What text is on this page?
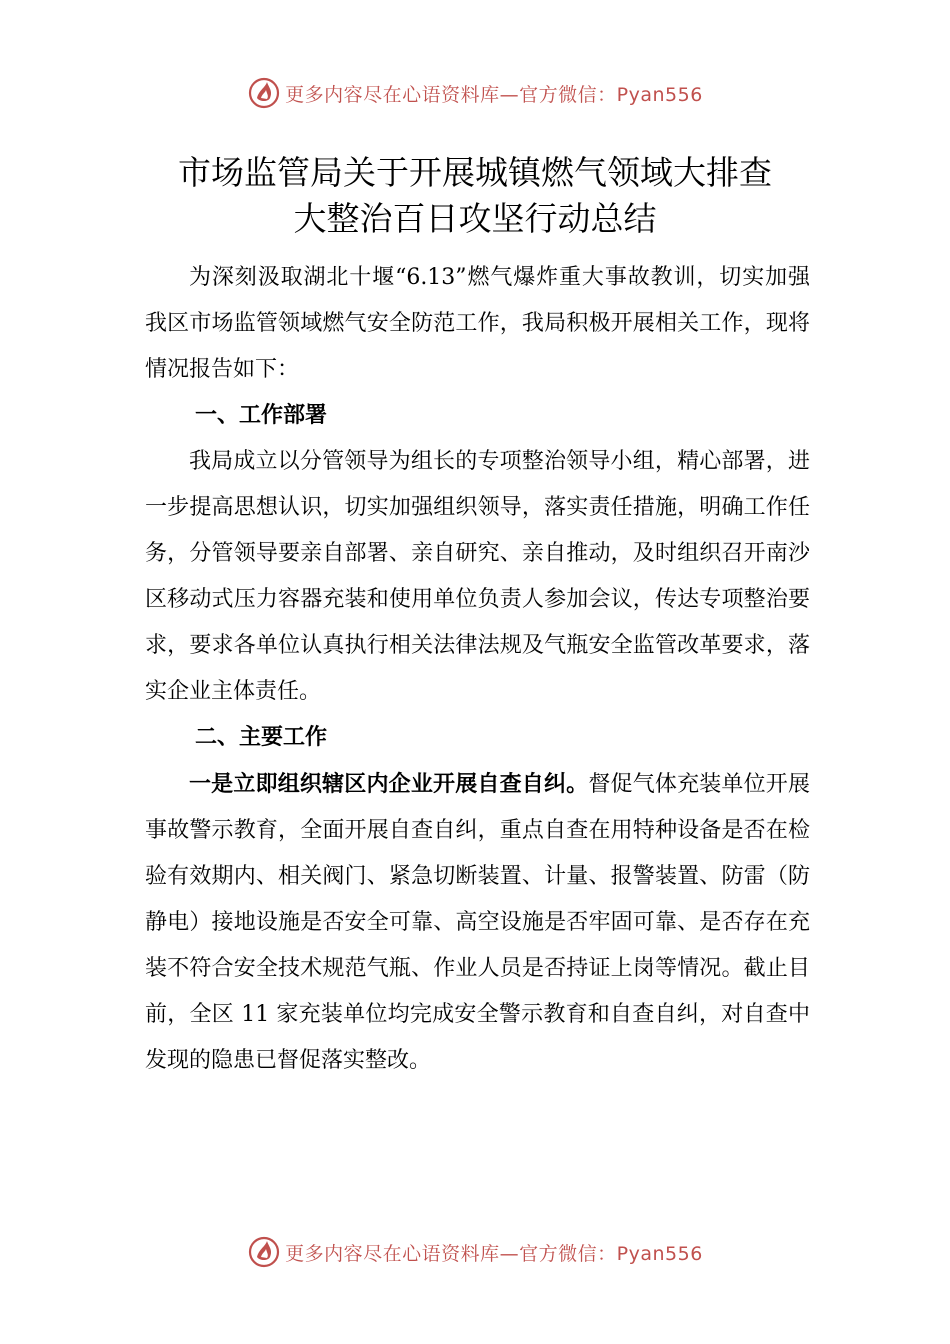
更多内容尽在心语资料库—官方微信：Pyan556
市场监管局关于开展城镇燃气领域大排查
大整治百日攻坚行动总结

为深刻汲取湖北十堰“6.13”燃气爆炸重大事故教训，切实加强我区市场监管领域燃气安全防范工作，我局积极开展相关工作，现将情况报告如下：

一、工作部署

我局成立以分管领导为组长的专项整治领导小组，精心部署，进一步提高思想认识，切实加强组织领导，落实责任措施，明确工作任务，分管领导要亲自部署、亲自研究、亲自推动，及时组织召开南沙区移动式压力容器充装和使用单位负责人参加会议，传达专项整治要求，要求各单位认真执行相关法律法规及气瓶安全监管改革要求，落实企业主体责任。

二、主要工作

一是立即组织辖区内企业开展自查自纠。督促气体充装单位开展事故警示教育，全面开展自查自纠，重点自查在用特种设备是否在检验有效期内、相关阀门、紧急切断装置、计量、报警装置、防雷（防静电）接地设施是否安全可靠、高空设施是否牢固可靠、是否存在充装不符合安全技术规范气瓶、作业人员是否持证上岗等情况。截止目前，全区 11 家充装单位均完成安全警示教育和自查自纠，对自查中发现的隐患已督促落实整改。

更多内容尽在心语资料库—官方微信：Pyan556
